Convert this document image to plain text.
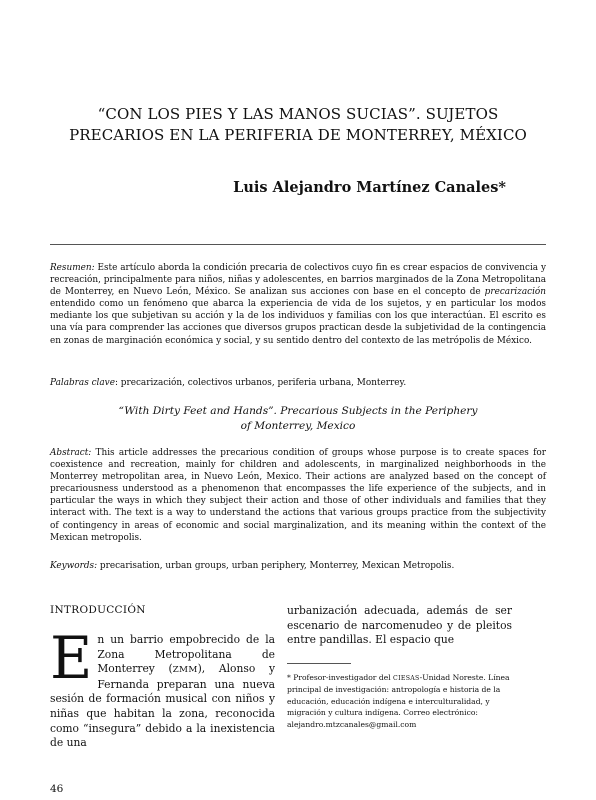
“CON LOS PIES Y LAS MANOS SUCIAS”. SUJETOS
PRECARIOS EN LA PERIFERIA DE MONTERREY, MÉXICO

Luis Alejandro Martínez Canales*

Resumen: Este artículo aborda la condición precaria de colectivos cuyo fin es crear espacios de convivencia y recreación, principalmente para niños, niñas y adolescentes, en barrios marginados de la Zona Metropolitana de Monterrey, en Nuevo León, México. Se analizan sus acciones con base en el concepto de precarización entendido como un fenómeno que abarca la experiencia de vida de los sujetos, y en particular los modos mediante los que subjetivan su acción y la de los individuos y familias con los que interactúan. El escrito es una vía para comprender las acciones que diversos grupos practican desde la subjetividad de la contingencia en zonas de marginación económica y social, y su sentido dentro del contexto de las metrópolis de México.

Palabras clave: precarización, colectivos urbanos, periferia urbana, Monterrey.

“With Dirty Feet and Hands”. Precarious Subjects in the Periphery
of Monterrey, Mexico

Abstract: This article addresses the precarious condition of groups whose purpose is to create spaces for coexistence and recreation, mainly for children and adolescents, in marginalized neighborhoods in the Monterrey metropolitan area, in Nuevo León, Mexico. Their actions are analyzed based on the concept of precariousness understood as a phenomenon that encompasses the life experience of the subjects, and in particular the ways in which they subject their action and those of other individuals and families that they interact with. The text is a way to understand the actions that various groups practice from the subjectivity of contingency in areas of economic and social marginalization, and its meaning within the context of the Mexican metropolis.

Keywords: precarisation, urban groups, urban periphery, Monterrey, Mexican Metropolis.

INTRODUCCIÓN

En un barrio empobrecido de la Zona Metropolitana de Monterrey (ZMM), Alonso y Fernanda preparan una nueva sesión de formación musical con niños y niñas que habitan la zona, reconocida como “insegura” debido a la inexistencia de una

urbanización adecuada, además de ser escenario de narcomenudeo y de pleitos entre pandillas. El espacio que

* Profesor-investigador del CIESAS-Unidad Noreste. Línea principal de investigación: antropología e historia de la educación, educación indígena e interculturalidad, y migración y cultura indígena. Correo electrónico: alejandro.mtzcanales@gmail.com

46
